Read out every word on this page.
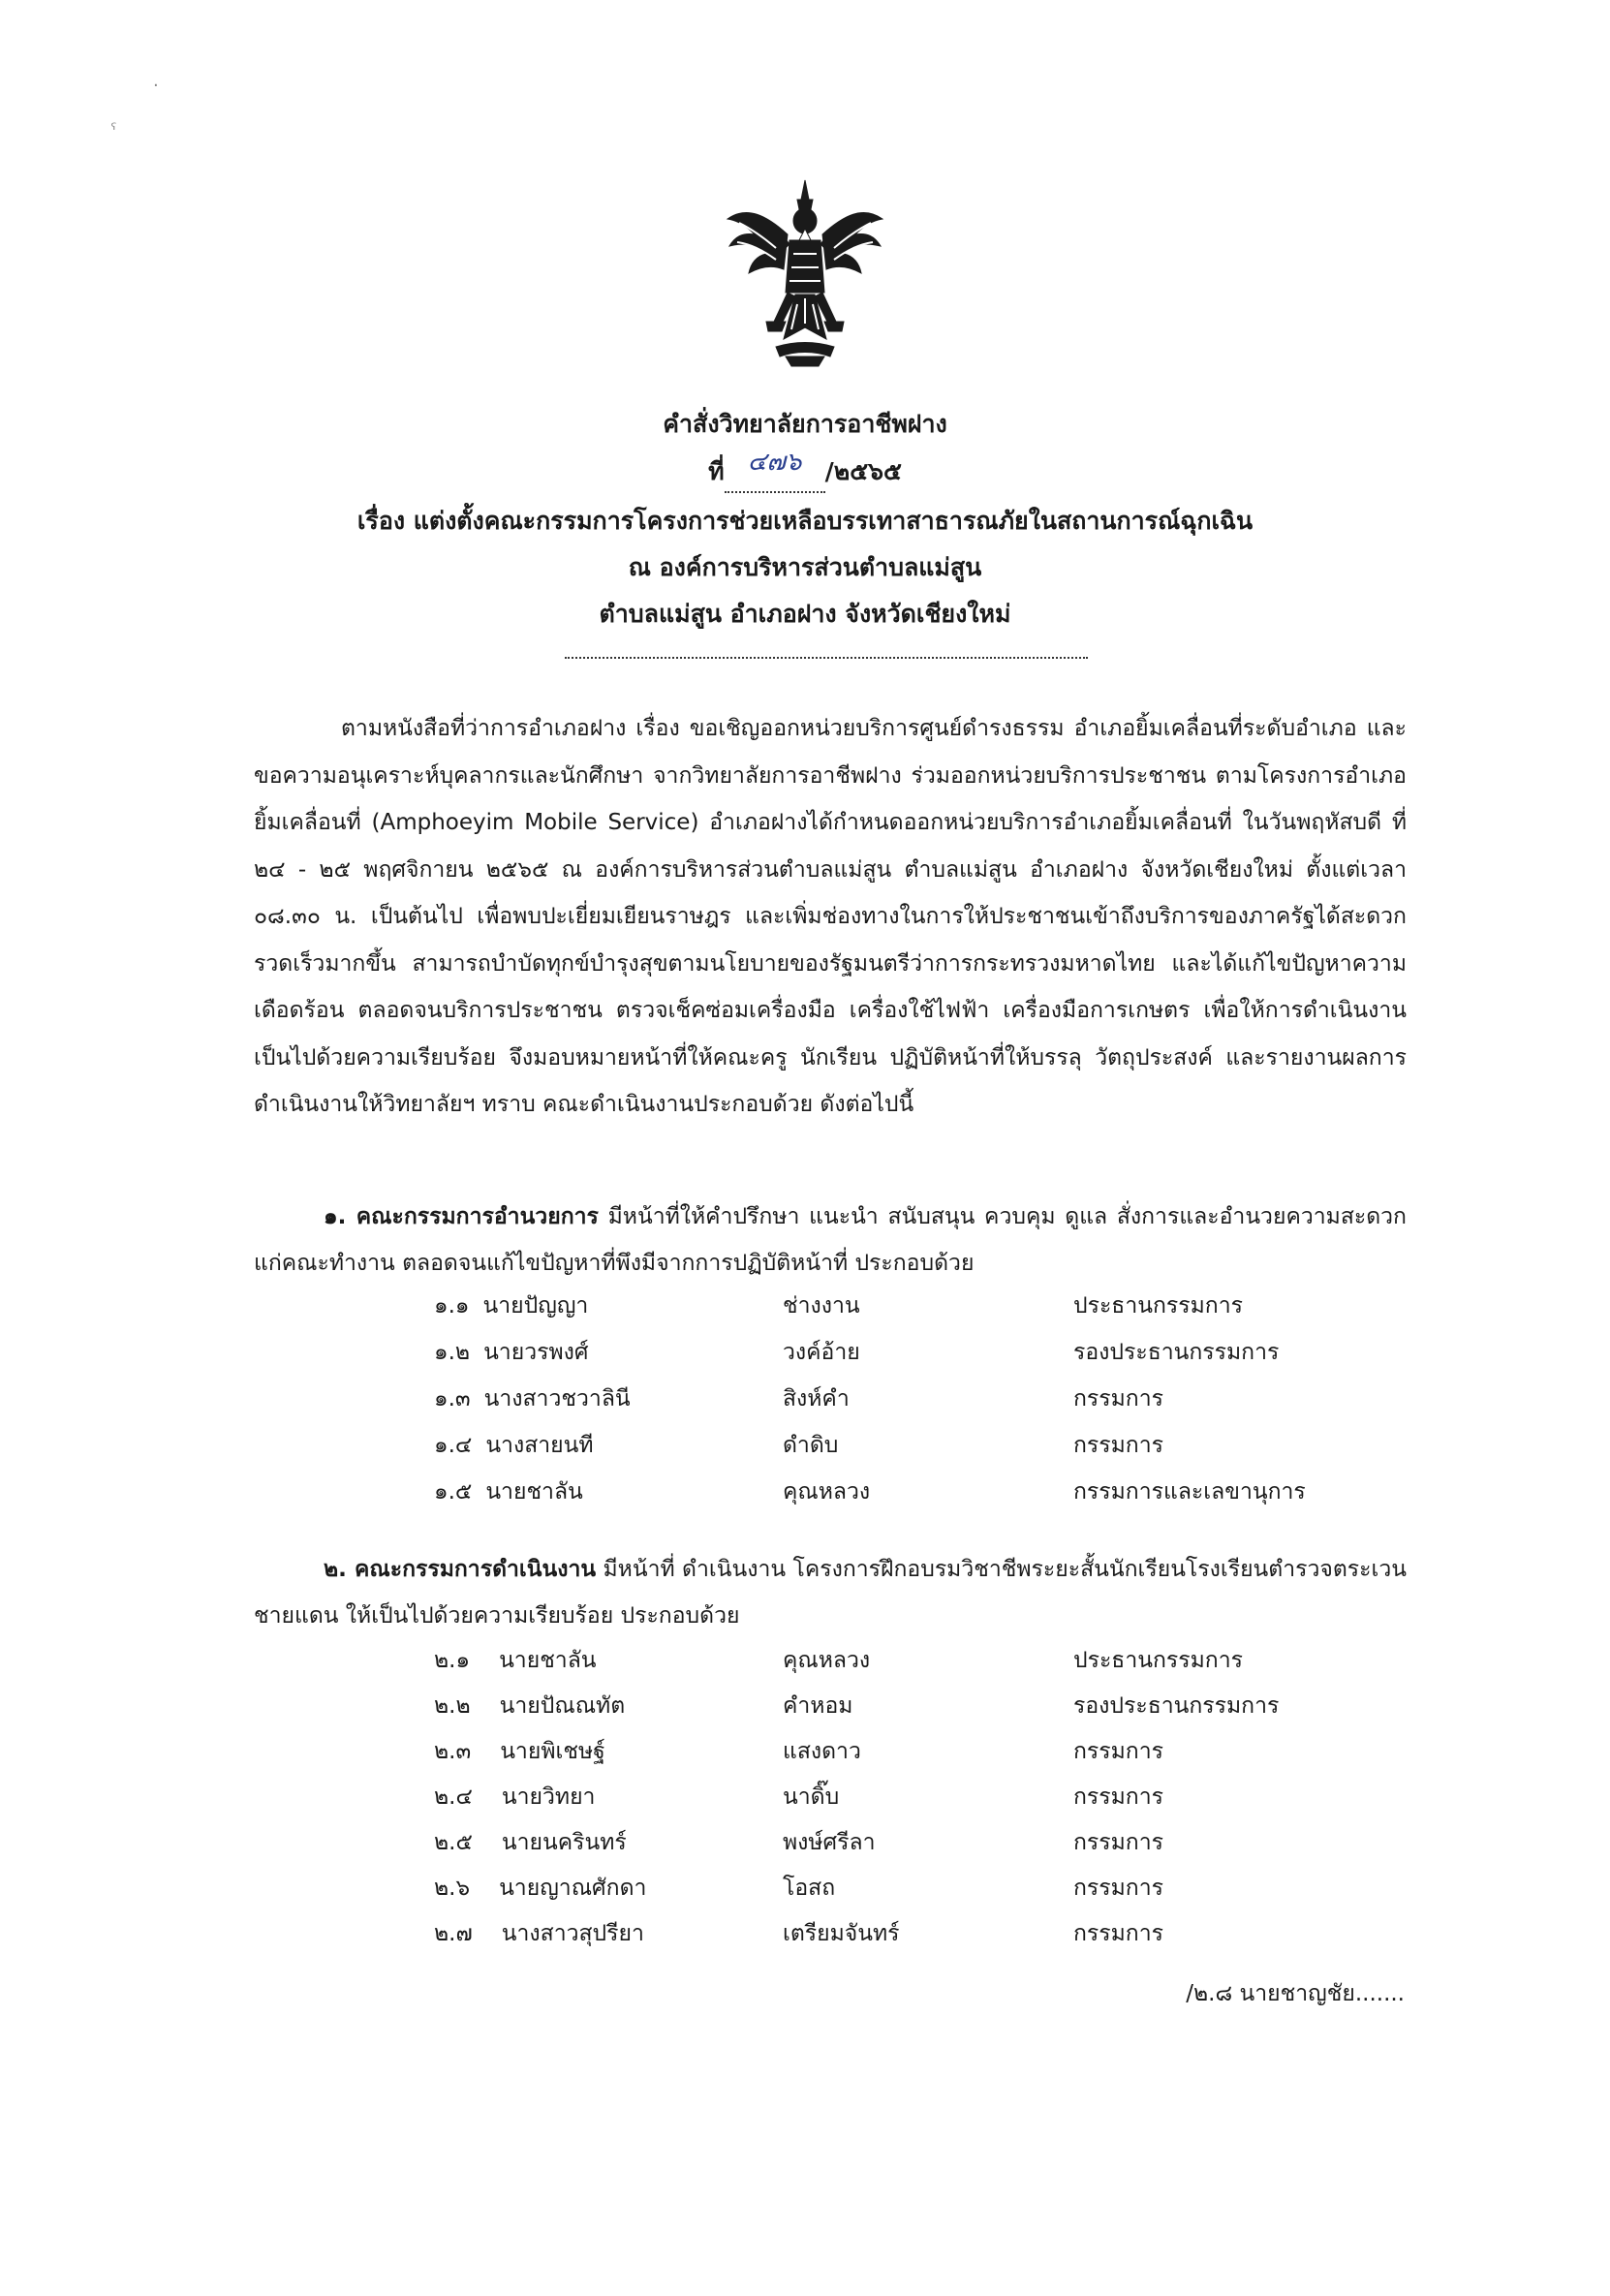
·
ˁ
คำสั่งวิทยาลัยการอาชีพฝาง
ที่ ๔๗๖ /๒๕๖๕
เรื่อง แต่งตั้งคณะกรรมการโครงการช่วยเหลือบรรเทาสาธารณภัยในสถานการณ์ฉุกเฉิน
ณ องค์การบริหารส่วนตำบลแม่สูน
ตำบลแม่สูน อำเภอฝาง จังหวัดเชียงใหม่
ตามหนังสือที่ว่าการอำเภอฝาง เรื่อง ขอเชิญออกหน่วยบริการศูนย์ดำรงธรรม อำเภอยิ้มเคลื่อนที่ระดับอำเภอ และขอความอนุเคราะห์บุคลากรและนักศึกษา จากวิทยาลัยการอาชีพฝาง ร่วมออกหน่วยบริการประชาชน ตามโครงการอำเภอยิ้มเคลื่อนที่ (Amphoeyim Mobile Service) อำเภอฝางได้กำหนดออกหน่วยบริการอำเภอยิ้มเคลื่อนที่ ในวันพฤหัสบดี ที่ ๒๔ - ๒๕ พฤศจิกายน ๒๕๖๕ ณ องค์การบริหารส่วนตำบลแม่สูน ตำบลแม่สูน อำเภอฝาง จังหวัดเชียงใหม่ ตั้งแต่เวลา ๐๘.๓๐ น. เป็นต้นไป เพื่อพบปะเยี่ยมเยียนราษฎร และเพิ่มช่องทางในการให้ประชาชนเข้าถึงบริการของภาครัฐได้สะดวก รวดเร็วมากขึ้น สามารถบำบัดทุกข์บำรุงสุขตามนโยบายของรัฐมนตรีว่าการกระทรวงมหาดไทย และได้แก้ไขปัญหาความเดือดร้อน ตลอดจนบริการประชาชน ตรวจเช็คซ่อมเครื่องมือ เครื่องใช้ไฟฟ้า เครื่องมือการเกษตร เพื่อให้การดำเนินงานเป็นไปด้วยความเรียบร้อย จึงมอบหมายหน้าที่ให้คณะครู นักเรียน ปฏิบัติหน้าที่ให้บรรลุ วัตถุประสงค์ และรายงานผลการดำเนินงานให้วิทยาลัยฯ ทราบ คณะดำเนินงานประกอบด้วย ดังต่อไปนี้
๑. คณะกรรมการอำนวยการ มีหน้าที่ให้คำปรึกษา แนะนำ สนับสนุน ควบคุม ดูแล สั่งการและอำนวยความสะดวกแก่คณะทำงาน ตลอดจนแก้ไขปัญหาที่พึงมีจากการปฏิบัติหน้าที่ ประกอบด้วย
๑.๑ นายปัญญา	ช่างงาน	ประธานกรรมการ
๑.๒ นายวรพงศ์	วงค์อ้าย	รองประธานกรรมการ
๑.๓ นางสาวชวาลินี	สิงห์คำ	กรรมการ
๑.๔ นางสายนที	ดำดิบ	กรรมการ
๑.๕ นายชาลัน	คุณหลวง	กรรมการและเลขานุการ
๒. คณะกรรมการดำเนินงาน มีหน้าที่ ดำเนินงาน โครงการฝึกอบรมวิชาชีพระยะสั้นนักเรียนโรงเรียนตำรวจตระเวนชายแดน ให้เป็นไปด้วยความเรียบร้อย ประกอบด้วย
๒.๑ นายชาลัน	คุณหลวง	ประธานกรรมการ
๒.๒ นายปัณณทัต	คำหอม	รองประธานกรรมการ
๒.๓ นายพิเชษฐ์	แสงดาว	กรรมการ
๒.๔ นายวิทยา	นาดิ๊บ	กรรมการ
๒.๕ นายนครินทร์	พงษ์ศรีลา	กรรมการ
๒.๖ นายญาณศักดา	โอสถ	กรรมการ
๒.๗ นางสาวสุปรียา	เตรียมจันทร์	กรรมการ
/๒.๘ นายชาญชัย.......
